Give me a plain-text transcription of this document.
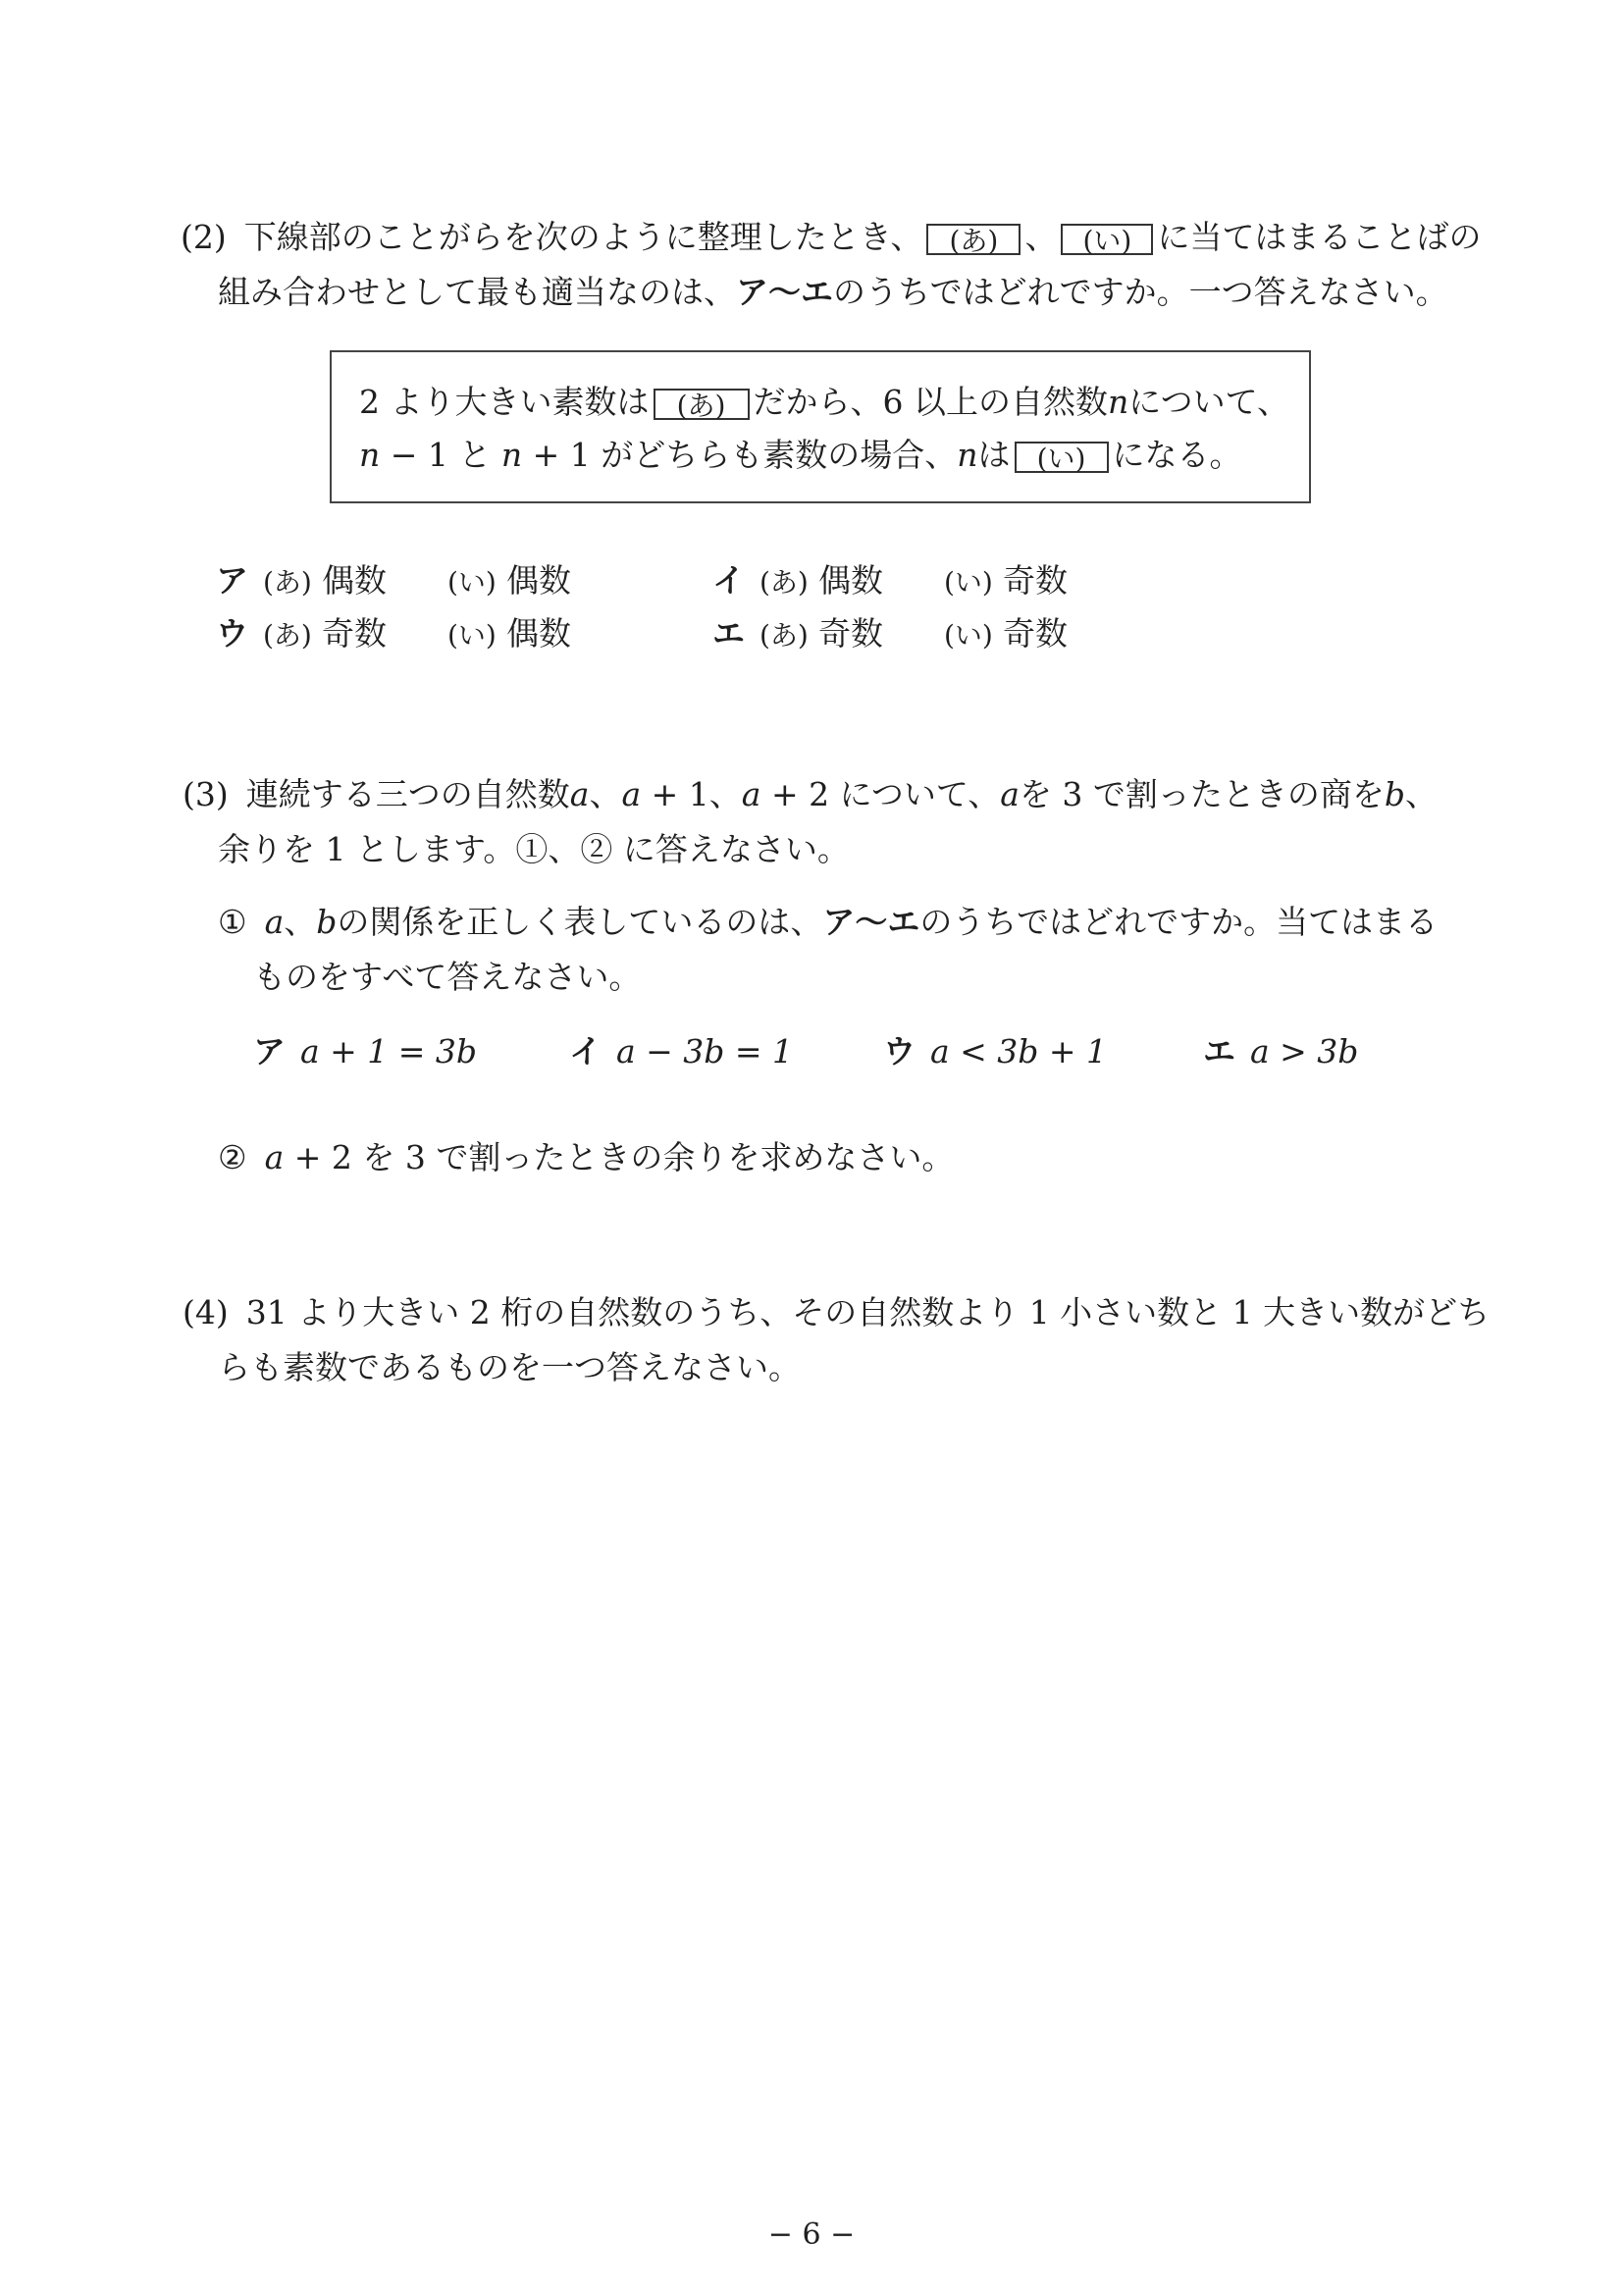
(2) 下線部のことがらを次のように整理したとき、 (あ) 、 (い) に当てはまることばの
組み合わせとして最も適当なのは、ア〜エのうちではどれですか。一つ答えなさい。
2 より大きい素数は (あ) だから、6 以上の自然数nについて、
n − 1 と n + 1 がどちらも素数の場合、nは (い) になる。
ア (あ) 偶数 (い) 偶数	イ (あ) 偶数 (い) 奇数
ウ (あ) 奇数 (い) 偶数	エ (あ) 奇数 (い) 奇数
(3) 連続する三つの自然数a、a + 1、a + 2 について、aを 3 で割ったときの商をb、
余りを 1 とします。①、② に答えなさい。
① a、bの関係を正しく表しているのは、ア〜エのうちではどれですか。当てはまる
ものをすべて答えなさい。
ア a + 1 = 3b	イ a − 3b = 1	ウ a < 3b + 1	エ a > 3b
② a + 2 を 3 で割ったときの余りを求めなさい。
(4) 31 より大きい 2 桁の自然数のうち、その自然数より 1 小さい数と 1 大きい数がどち
らも素数であるものを一つ答えなさい。
− 6 −
